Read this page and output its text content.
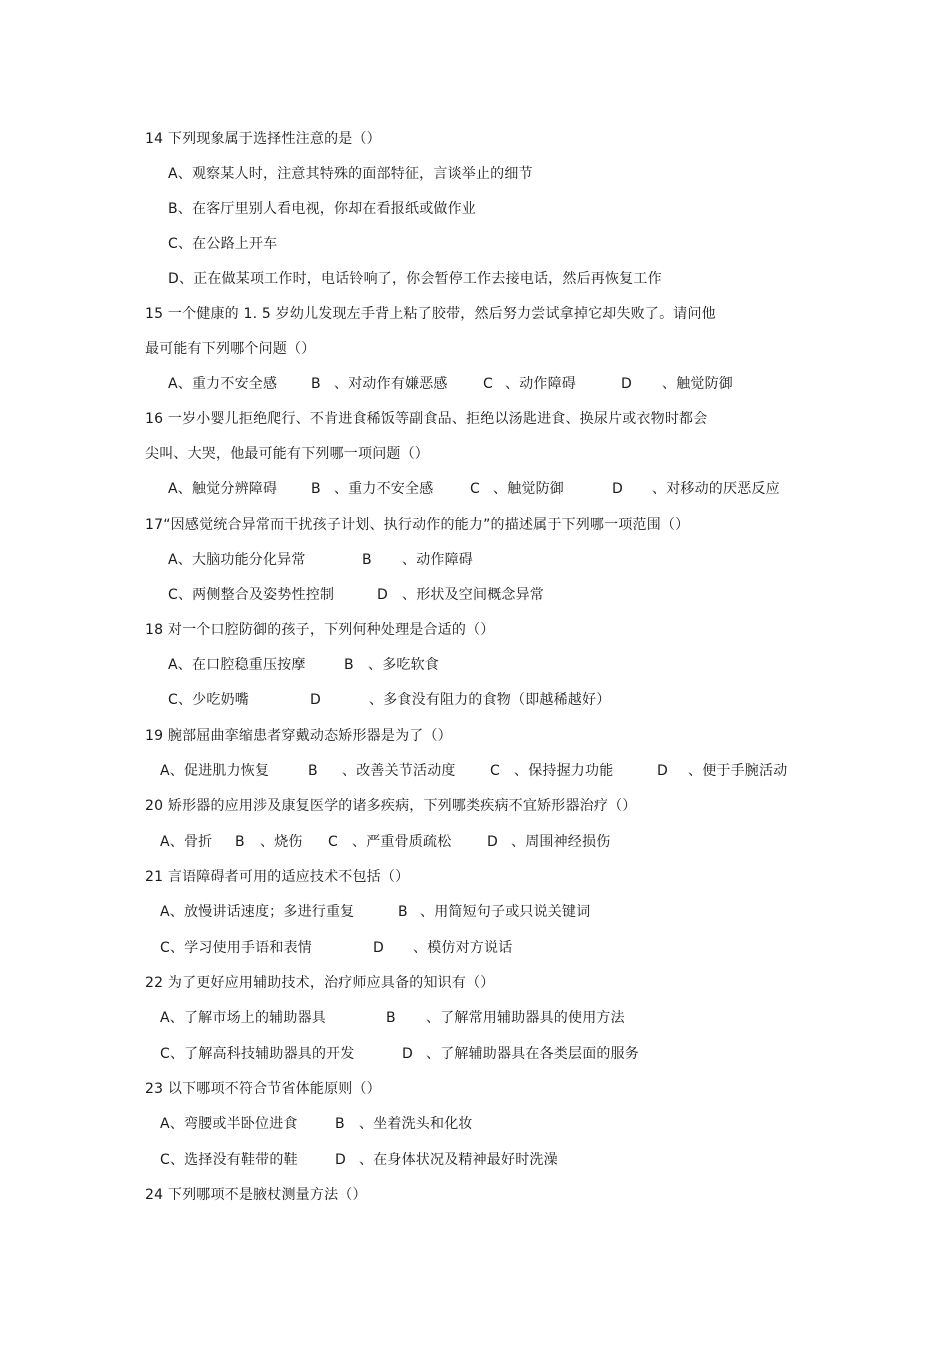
14 下列现象属于选择性注意的是（）

A、观察某人时，注意其特殊的面部特征，言谈举止的细节

B、在客厅里别人看电视，你却在看报纸或做作业

C、在公路上开车

D、正在做某项工作时，电话铃响了，你会暂停工作去接电话，然后再恢复工作

15 一个健康的 1. 5 岁幼儿发现左手背上粘了胶带，然后努力尝试拿掉它却失败了。请问他

最可能有下列哪个问题（）

A、重力不安全感

B

、对动作有嫌恶感

	C

、动作障碍

	D

、触觉防御

16 一岁小婴儿拒绝爬行、不肯进食稀饭等副食品、拒绝以汤匙进食、换尿片或衣物时都会

尖叫、大哭，他最可能有下列哪一项问题（）

A、触觉分辨障碍

B

、重力不安全感

	C

、触觉防御

	D

、对移动的厌恶反应

17“因感觉统合异常而干扰孩子计划、执行动作的能力”的描述属于下列哪一项范围（）

A、大脑功能分化异常

	B

、动作障碍

C、两侧整合及姿势性控制

	D

、形状及空间概念异常

18 对一个口腔防御的孩子，下列何种处理是合适的（）

A、在口腔稳重压按摩

	B

、多吃软食

C、少吃奶嘴

	D

	、多食没有阻力的食物（即越稀越好）

19 腕部屈曲挛缩患者穿戴动态矫形器是为了（）

A、促进肌力恢复

	B

、改善关节活动度

C

、保持握力功能

	D

、便于手腕活动

20 矫形器的应用涉及康复医学的诸多疾病，下列哪类疾病不宜矫形器治疗（）

A、骨折

B

、烧伤

C

、严重骨质疏松

	D

、周围神经损伤

21 言语障碍者可用的适应技术不包括（）

A、放慢讲话速度；多进行重复

	B

、用简短句子或只说关键词

C、学习使用手语和表情

	D

、模仿对方说话

22 为了更好应用辅助技术，治疗师应具备的知识有（）

A、了解市场上的辅助器具

	B

、了解常用辅助器具的使用方法

C、了解高科技辅助器具的开发

	D

、了解辅助器具在各类层面的服务

23 以下哪项不符合节省体能原则（）

A、弯腰或半卧位进食

	B

、坐着洗头和化妆

C、选择没有鞋带的鞋

	D

、在身体状况及精神最好时洗澡

24 下列哪项不是腋杖测量方法（）
